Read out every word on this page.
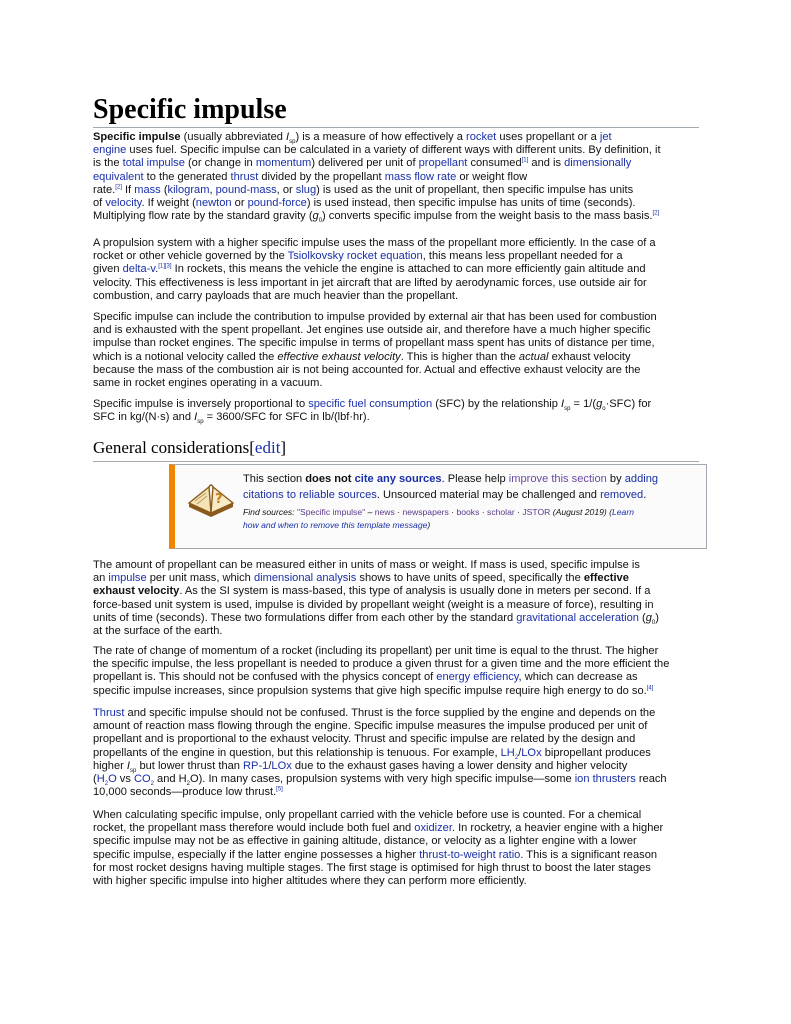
Specific impulse

Specific impulse (usually abbreviated $I_{sp}$) is a measure of how effectively a rocket uses propellant or a jet
engine uses fuel. Specific impulse can be calculated in a variety of different ways with different units. By definition, it
is the total impulse (or change in momentum) delivered per unit of propellant consumed[1] and is dimensionally
equivalent to the generated thrust divided by the propellant mass flow rate or weight flow
rate.[2] If mass (kilogram, pound-mass, or slug) is used as the unit of propellant, then specific impulse has units
of velocity. If weight (newton or pound-force) is used instead, then specific impulse has units of time (seconds).
Multiplying flow rate by the standard gravity $(g_0)$ converts specific impulse from the weight basis to the mass basis.[2]

A propulsion system with a higher specific impulse uses the mass of the propellant more efficiently. In the case of a
rocket or other vehicle governed by the Tsiolkovsky rocket equation, this means less propellant needed for a
given delta-v.[1][3] In rockets, this means the vehicle the engine is attached to can more efficiently gain altitude and
velocity. This effectiveness is less important in jet aircraft that are lifted by aerodynamic forces, use outside air for
combustion, and carry payloads that are much heavier than the propellant.

Specific impulse can include the contribution to impulse provided by external air that has been used for combustion
and is exhausted with the spent propellant. Jet engines use outside air, and therefore have a much higher specific
impulse than rocket engines. The specific impulse in terms of propellant mass spent has units of distance per time,
which is a notional velocity called the effective exhaust velocity. This is higher than the actual exhaust velocity
because the mass of the combustion air is not being accounted for. Actual and effective exhaust velocity are the
same in rocket engines operating in a vacuum.

Specific impulse is inversely proportional to specific fuel consumption (SFC) by the relationship $I_{sp} = 1/(g_o\cdot SFC)$ for
SFC in kg/(N·s) and $I_{sp} = 3600/SFC$ for SFC in lb/(lbf·hr).

General considerations[edit]
?
This section does not cite any sources. Please help improve this section by adding
citations to reliable sources. Unsourced material may be challenged and removed.
Find sources: "Specific impulse" – news · newspapers · books · scholar · JSTOR (August 2019) (Learn
how and when to remove this template message)

The amount of propellant can be measured either in units of mass or weight. If mass is used, specific impulse is
an impulse per unit mass, which dimensional analysis shows to have units of speed, specifically the effective
exhaust velocity. As the SI system is mass-based, this type of analysis is usually done in meters per second. If a
force-based unit system is used, impulse is divided by propellant weight (weight is a measure of force), resulting in
units of time (seconds). These two formulations differ from each other by the standard gravitational acceleration $(g_0)$
at the surface of the earth.

The rate of change of momentum of a rocket (including its propellant) per unit time is equal to the thrust. The higher
the specific impulse, the less propellant is needed to produce a given thrust for a given time and the more efficient the
propellant is. This should not be confused with the physics concept of energy efficiency, which can decrease as
specific impulse increases, since propulsion systems that give high specific impulse require high energy to do so.[4]

Thrust and specific impulse should not be confused. Thrust is the force supplied by the engine and depends on the
amount of reaction mass flowing through the engine. Specific impulse measures the impulse produced per unit of
propellant and is proportional to the exhaust velocity. Thrust and specific impulse are related by the design and
propellants of the engine in question, but this relationship is tenuous. For example, $LH_2$/LOx bipropellant produces
higher $I_{sp}$ but lower thrust than RP-1/LOx due to the exhaust gases having a lower density and higher velocity
($H_2O$ vs $CO_2$ and $H_2O$). In many cases, propulsion systems with very high specific impulse—some ion thrusters reach
10,000 seconds—produce low thrust.[5]

When calculating specific impulse, only propellant carried with the vehicle before use is counted. For a chemical
rocket, the propellant mass therefore would include both fuel and oxidizer. In rocketry, a heavier engine with a higher
specific impulse may not be as effective in gaining altitude, distance, or velocity as a lighter engine with a lower
specific impulse, especially if the latter engine possesses a higher thrust-to-weight ratio. This is a significant reason
for most rocket designs having multiple stages. The first stage is optimised for high thrust to boost the later stages
with higher specific impulse into higher altitudes where they can perform more efficiently.
